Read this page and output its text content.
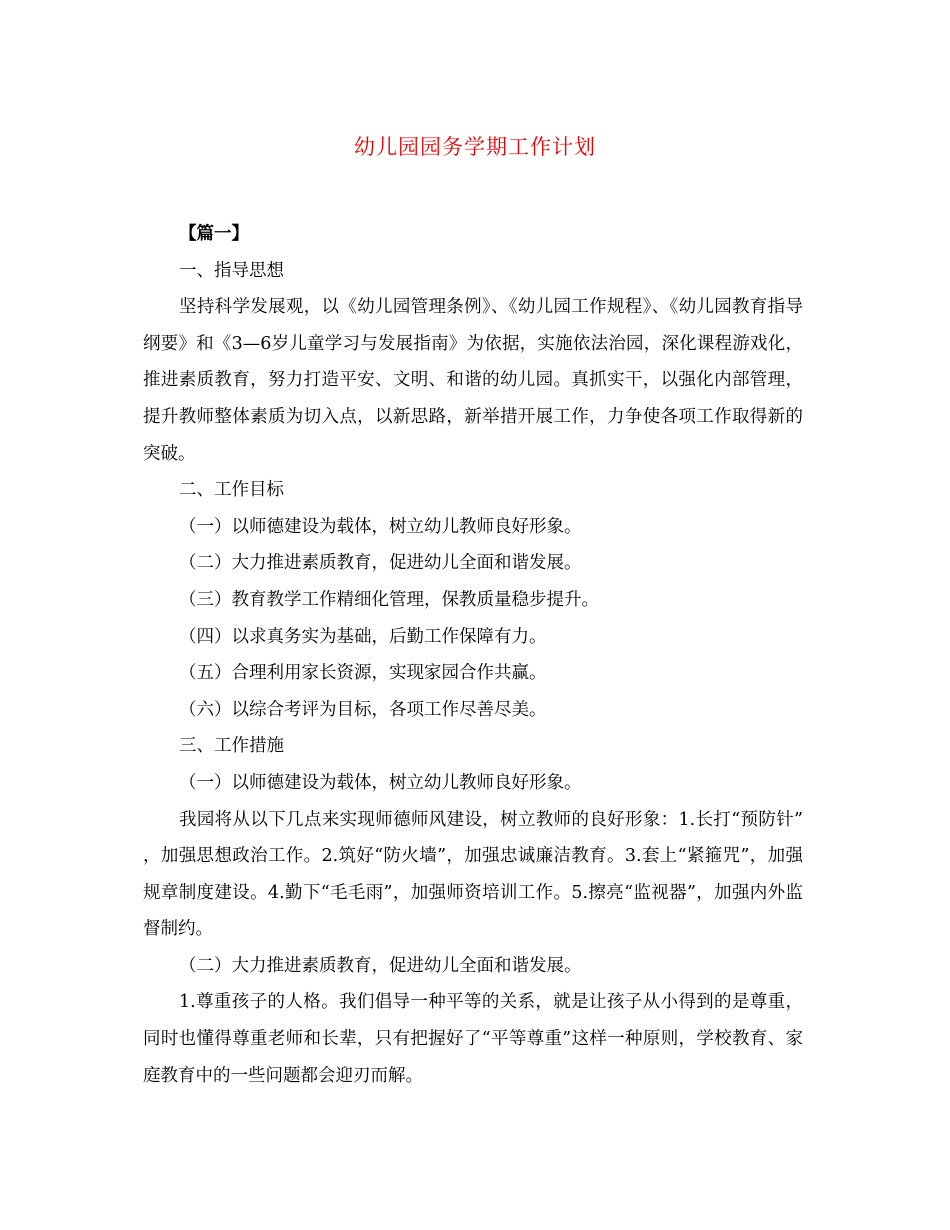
幼儿园园务学期工作计划

【篇一】

一、指导思想

坚持科学发展观，以《幼儿园管理条例》、《幼儿园工作规程》、《幼儿园教育指导纲要》和《3—6岁儿童学习与发展指南》为依据，实施依法治园，深化课程游戏化，推进素质教育，努力打造平安、文明、和谐的幼儿园。真抓实干，以强化内部管理，提升教师整体素质为切入点，以新思路，新举措开展工作，力争使各项工作取得新的突破。

二、工作目标

（一）以师德建设为载体，树立幼儿教师良好形象。

（二）大力推进素质教育，促进幼儿全面和谐发展。

（三）教育教学工作精细化管理，保教质量稳步提升。

（四）以求真务实为基础，后勤工作保障有力。

（五）合理利用家长资源，实现家园合作共赢。

（六）以综合考评为目标，各项工作尽善尽美。

三、工作措施

（一）以师德建设为载体，树立幼儿教师良好形象。

我园将从以下几点来实现师德师风建设，树立教师的良好形象：1.长打“预防针”，加强思想政治工作。2.筑好“防火墙”，加强忠诚廉洁教育。3.套上“紧箍咒”，加强规章制度建设。4.勤下“毛毛雨”，加强师资培训工作。5.擦亮“监视器”，加强内外监督制约。

（二）大力推进素质教育，促进幼儿全面和谐发展。

1.尊重孩子的人格。我们倡导一种平等的关系，就是让孩子从小得到的是尊重，同时也懂得尊重老师和长辈，只有把握好了“平等尊重”这样一种原则，学校教育、家庭教育中的一些问题都会迎刃而解。
